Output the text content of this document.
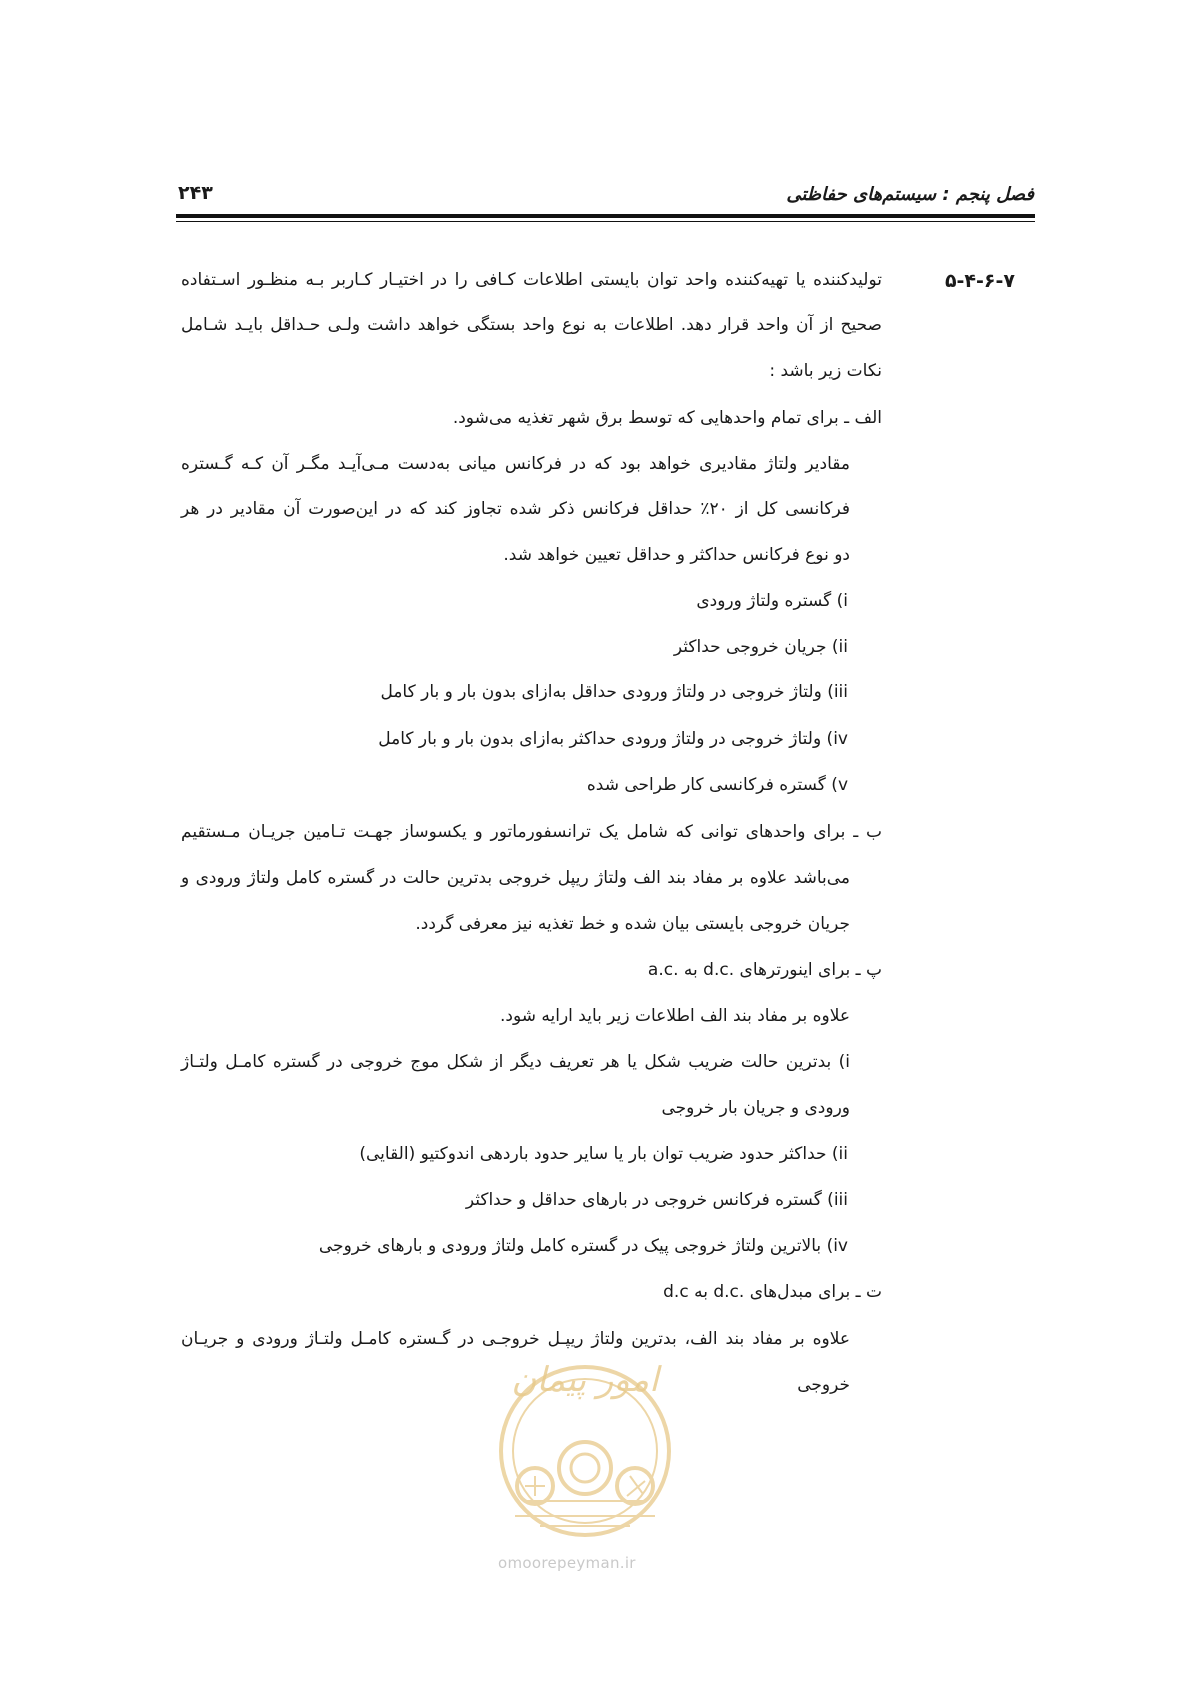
فصل پنجم : سیستم‌های حفاظتی
۲۴۳
۵-۴-۶-۷
تولیدکننده یا تهیه‌کننده واحد توان بایستی اطلاعات کـافی را در اختیـار کـاربر بـه منظـور اسـتفاده
صحیح از آن واحد قرار دهد. اطلاعات به نوع واحد بستگی خواهد داشت ولـی حـداقل بایـد شـامل
نکات زیر باشد :
الف ـ برای تمام واحدهایی که توسط برق شهر تغذیه می‌شود.
مقادیر ولتاژ مقادیری خواهد بود که در فرکانس میانی به‌دست مـی‌آیـد مگـر آن کـه گـستره
فرکانسی کل از ۲۰٪ حداقل فرکانس ذکر شده تجاوز کند که در این‌صورت آن مقادیر در هر
دو نوع فرکانس حداکثر و حداقل تعیین خواهد شد.
i) گستره ولتاژ ورودی
ii) جریان خروجی حداکثر
iii) ولتاژ خروجی در ولتاژ ورودی حداقل به‌ازای بدون بار و بار کامل
iv) ولتاژ خروجی در ولتاژ ورودی حداکثر به‌ازای بدون بار و بار کامل
v) گستره فرکانسی کار طراحی شده
ب ـ برای واحدهای توانی که شامل یک ترانسفورماتور و یکسوساز جهـت تـامین جریـان مـستقیم
می‌باشد علاوه بر مفاد بند الف ولتاژ ریپل خروجی بدترین حالت در گستره کامل ولتاژ ورودی و
جریان خروجی بایستی بیان شده و خط تغذیه نیز معرفی گردد.
پ ـ برای اینورترهای .d.c به .a.c
علاوه بر مفاد بند الف اطلاعات زیر باید ارایه شود.
i) بدترین حالت ضریب شکل یا هر تعریف دیگر از شکل موج خروجی در گستره کامـل ولتـاژ
ورودی و جریان بار خروجی
ii) حداکثر حدود ضریب توان بار یا سایر حدود باردهی اندوکتیو (القایی)
iii) گستره فرکانس خروجی در بارهای حداقل و حداکثر
iv) بالاترین ولتاژ خروجی پیک در گستره کامل ولتاژ ورودی و بارهای خروجی
ت ـ برای مبدل‌های .d.c به d.c
علاوه بر مفاد بند الف، بدترین ولتاژ ریپـل خروجـی در گـستره کامـل ولتـاژ ورودی و جریـان
خروجی
امور پیمان
omoorepeyman.ir
